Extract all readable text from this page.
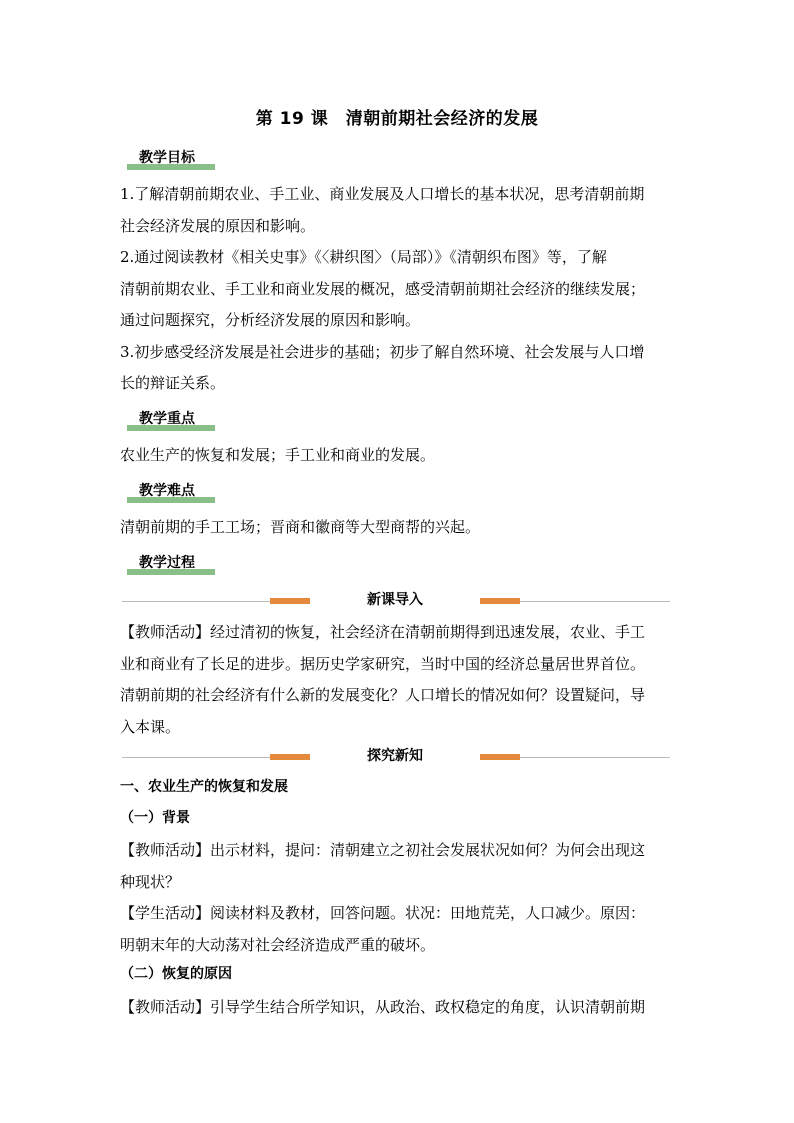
第 19 课　清朝前期社会经济的发展
教学目标
1.了解清朝前期农业、手工业、商业发展及人口增长的基本状况，思考清朝前期
社会经济发展的原因和影响。
2.通过阅读教材《相关史事》《〈耕织图〉（局部）》《清朝织布图》等，了解
清朝前期农业、手工业和商业发展的概况，感受清朝前期社会经济的继续发展；
通过问题探究，分析经济发展的原因和影响。
3.初步感受经济发展是社会进步的基础；初步了解自然环境、社会发展与人口增
长的辩证关系。
教学重点
农业生产的恢复和发展；手工业和商业的发展。
教学难点
清朝前期的手工工场；晋商和徽商等大型商帮的兴起。
教学过程
新课导入
【教师活动】经过清初的恢复，社会经济在清朝前期得到迅速发展，农业、手工
业和商业有了长足的进步。据历史学家研究，当时中国的经济总量居世界首位。
清朝前期的社会经济有什么新的发展变化？人口增长的情况如何？设置疑问，导
入本课。
探究新知
一、农业生产的恢复和发展
（一）背景
【教师活动】出示材料，提问：清朝建立之初社会发展状况如何？为何会出现这
种现状？
【学生活动】阅读材料及教材，回答问题。状况：田地荒芜，人口减少。原因：
明朝末年的大动荡对社会经济造成严重的破坏。
（二）恢复的原因
【教师活动】引导学生结合所学知识，从政治、政权稳定的角度，认识清朝前期
